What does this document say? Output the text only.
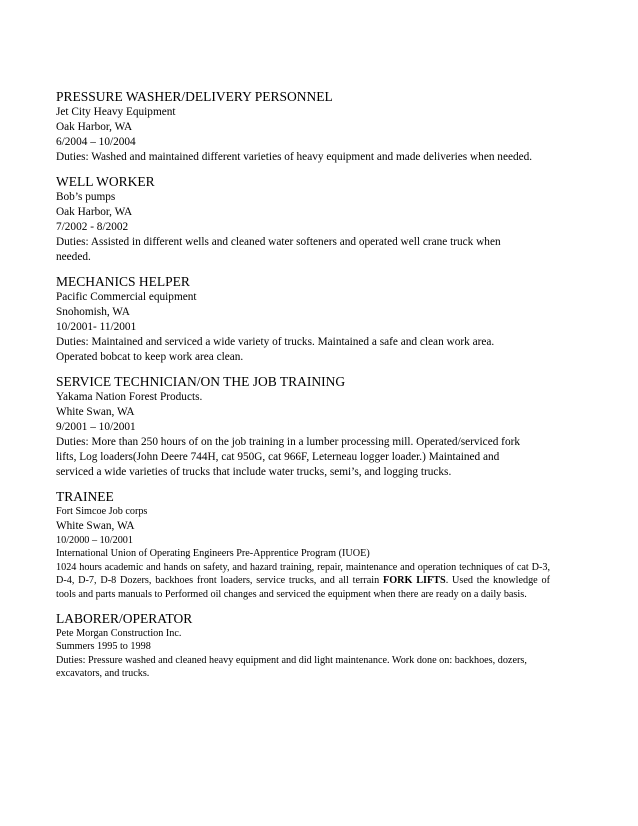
PRESSURE WASHER/DELIVERY PERSONNEL
Jet City Heavy Equipment
Oak Harbor, WA
6/2004 – 10/2004
Duties: Washed and maintained different varieties of heavy equipment and made deliveries when needed.
WELL WORKER
Bob’s pumps
Oak Harbor, WA
7/2002 - 8/2002
Duties: Assisted in different wells and cleaned water softeners and operated well crane truck when needed.
MECHANICS HELPER
Pacific Commercial equipment
Snohomish, WA
10/2001- 11/2001
Duties: Maintained and serviced a wide variety of trucks. Maintained a safe and clean work area.
Operated bobcat to keep work area clean.
SERVICE TECHNICIAN/ON THE JOB TRAINING
Yakama Nation Forest Products.
White Swan, WA
9/2001 – 10/2001
Duties: More than 250 hours of on the job training in a lumber processing mill. Operated/serviced fork
lifts, Log loaders(John Deere 744H, cat 950G, cat 966F, Leterneau logger loader.) Maintained and
serviced a wide varieties of trucks that include water trucks, semi’s, and logging trucks.
TRAINEE
Fort Simcoe Job corps
White Swan, WA
10/2000 – 10/2001
International Union of Operating Engineers Pre-Apprentice Program (IUOE)
1024 hours academic and hands on safety, and hazard training, repair, maintenance and operation techniques of cat D-3, D-4, D-7, D-8 Dozers, backhoes front loaders, service trucks, and all terrain FORK LIFTS. Used the knowledge of tools and parts manuals to Performed oil changes and serviced the equipment when there are ready on a daily basis.
LABORER/OPERATOR
Pete Morgan Construction Inc.
Summers 1995 to 1998
Duties: Pressure washed and cleaned heavy equipment and did light maintenance. Work done on: backhoes, dozers,
excavators, and trucks.
